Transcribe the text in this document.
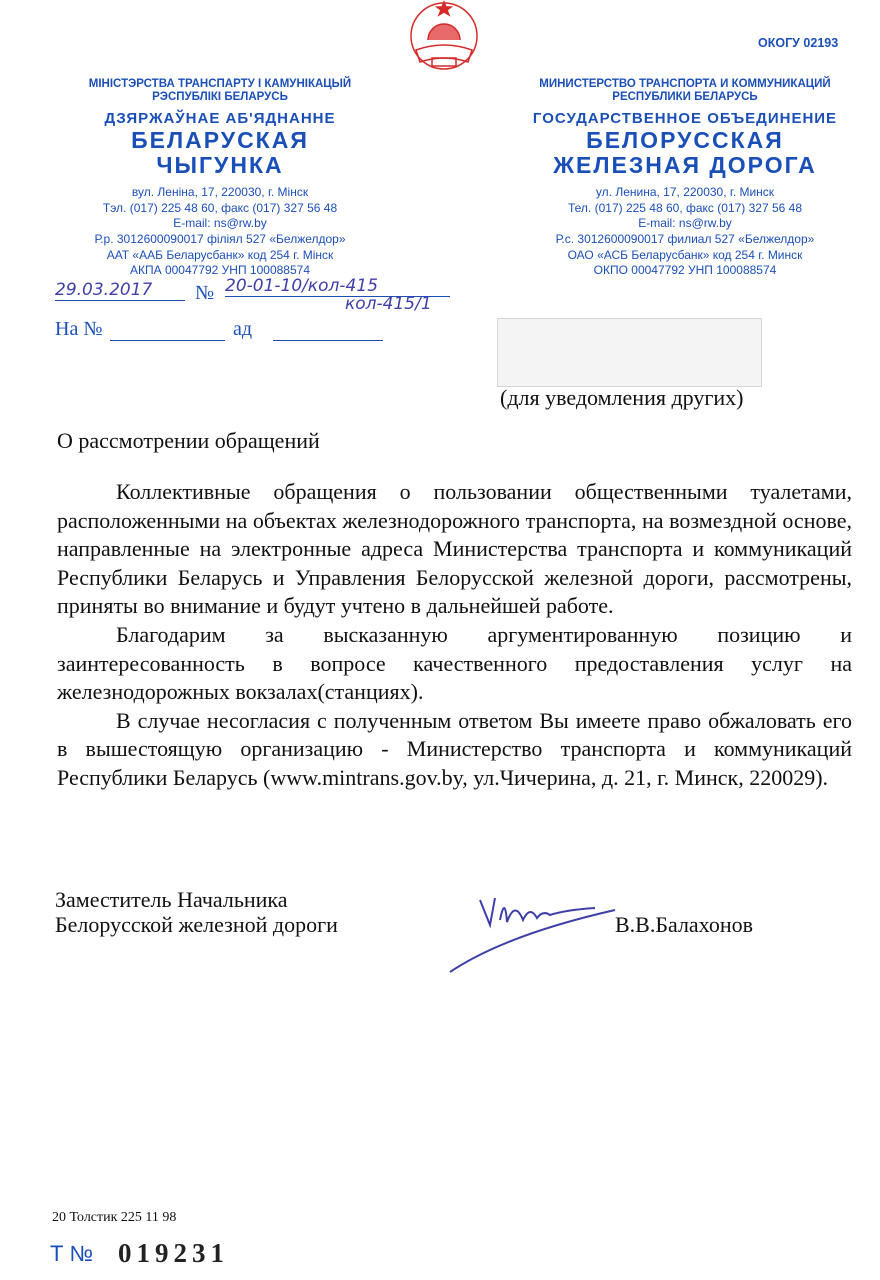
ОКОГУ 02193
МІНІСТЭРСТВА ТРАНСПАРТУ І КАМУНІКАЦЫЙ
РЭСПУБЛІКІ БЕЛАРУСЬ
ДЗЯРЖАЎНАЕ АБ'ЯДНАННЕ
БЕЛАРУСКАЯ
ЧЫГУНКА
вул. Леніна, 17, 220030, г. Мінск
Тэл. (017) 225 48 60, факс (017) 327 56 48
E-mail: ns@rw.by
Р.р. 3012600090017 філіял 527 «Белжелдор»
ААТ «ААБ Беларусбанк» код 254 г. Мінск
АКПА 00047792 УНП 100088574
МИНИСТЕРСТВО ТРАНСПОРТА И КОММУНИКАЦИЙ
РЕСПУБЛИКИ БЕЛАРУСЬ
ГОСУДАРСТВЕННОЕ ОБЪЕДИНЕНИЕ
БЕЛОРУССКАЯ
ЖЕЛЕЗНАЯ ДОРОГА
ул. Ленина, 17, 220030, г. Минск
Тел. (017) 225 48 60, факс (017) 327 56 48
E-mail: ns@rw.by
Р.с. 3012600090017 филиал 527 «Белжелдор»
ОАО «АСБ Беларусбанк» код 254 г. Минск
ОКПО 00047792 УНП 100088574
29.03.2017	№ 20-01-10/кол-415
кол-415/1
На №	ад
(для уведомления других)
О рассмотрении обращений

Коллективные обращения о пользовании общественными туалетами, расположенными на объектах железнодорожного транспорта, на возмездной основе, направленные на электронные адреса Министерства транспорта и коммуникаций Республики Беларусь и Управления Белорусской железной дороги, рассмотрены, приняты во внимание и будут учтено в дальнейшей работе.

Благодарим за высказанную аргументированную позицию и заинтересованность в вопросе качественного предоставления услуг на железнодорожных вокзалах(станциях).

В случае несогласия с полученным ответом Вы имеете право обжаловать его в вышестоящую организацию - Министерство транспорта и коммуникаций Республики Беларусь (www.mintrans.gov.by, ул.Чичерина, д. 21, г. Минск, 220029).

Заместитель Начальника
Белорусской железной дороги	В.В.Балахонов
20 Толстик 225 11 98
Т № 019231
